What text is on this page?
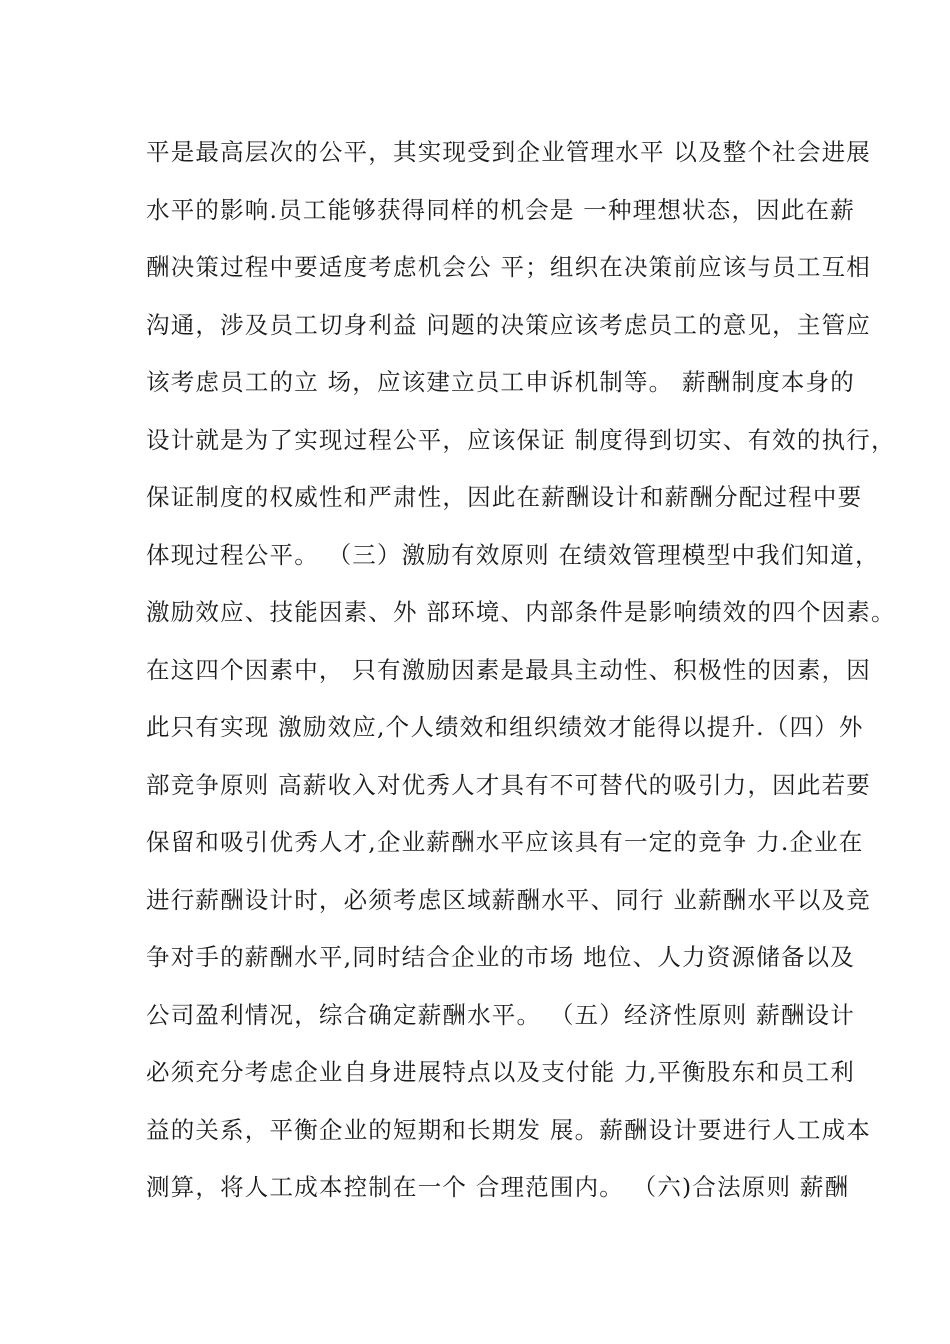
平是最高层次的公平，其实现受到企业管理水平 以及整个社会进展
水平的影响.员工能够获得同样的机会是 一种理想状态，因此在薪
酬决策过程中要适度考虑机会公 平；组织在决策前应该与员工互相
沟通，涉及员工切身利益 问题的决策应该考虑员工的意见，主管应
该考虑员工的立 场，应该建立员工申诉机制等。 薪酬制度本身的
设计就是为了实现过程公平，应该保证 制度得到切实、有效的执行，
保证制度的权威性和严肃性，因此在薪酬设计和薪酬分配过程中要
体现过程公平。 （三）激励有效原则 在绩效管理模型中我们知道，
激励效应、技能因素、外 部环境、内部条件是影响绩效的四个因素。
在这四个因素中， 只有激励因素是最具主动性、积极性的因素，因
此只有实现 激励效应,个人绩效和组织绩效才能得以提升.（四）外
部竞争原则 高薪收入对优秀人才具有不可替代的吸引力，因此若要
保留和吸引优秀人才,企业薪酬水平应该具有一定的竞争 力.企业在
进行薪酬设计时，必须考虑区域薪酬水平、同行 业薪酬水平以及竞
争对手的薪酬水平,同时结合企业的市场 地位、人力资源储备以及
公司盈利情况，综合确定薪酬水平。 （五）经济性原则 薪酬设计
必须充分考虑企业自身进展特点以及支付能 力,平衡股东和员工利
益的关系，平衡企业的短期和长期发 展。薪酬设计要进行人工成本
测算，将人工成本控制在一个 合理范围内。 （六)合法原则 薪酬
